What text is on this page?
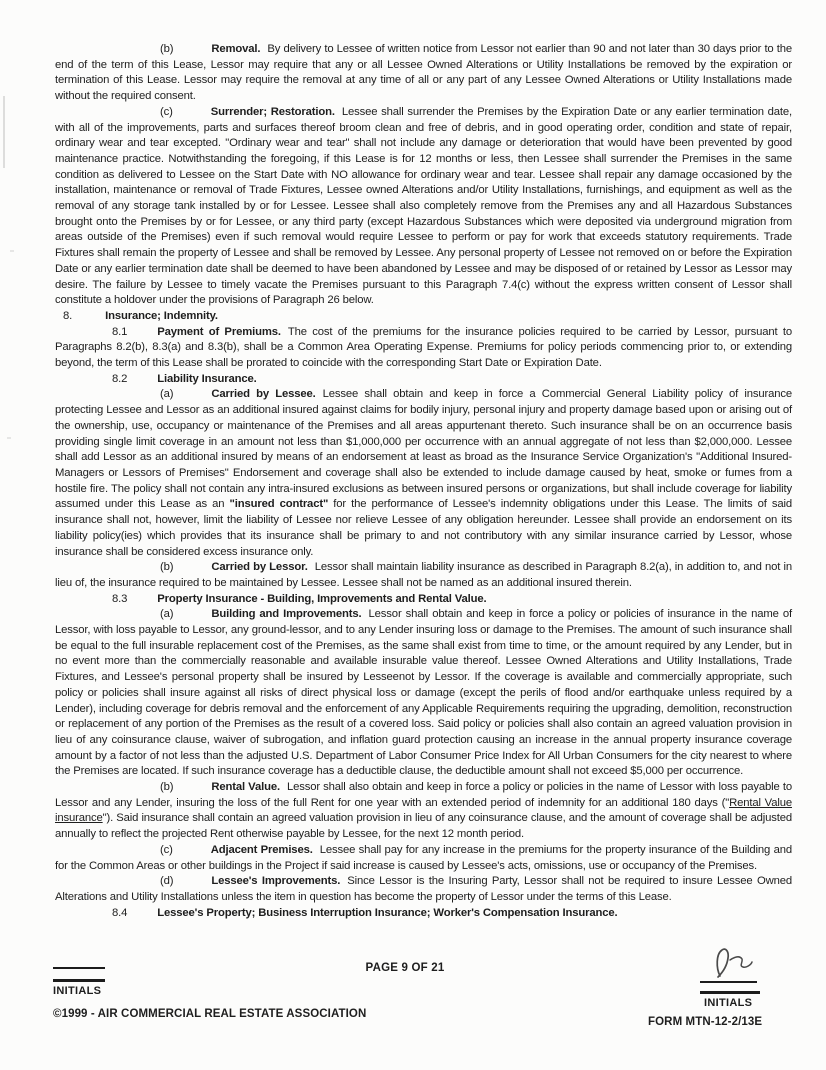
(b)	Removal. By delivery to Lessee of written notice from Lessor not earlier than 90 and not later than 30 days prior to the end of the term of this Lease, Lessor may require that any or all Lessee Owned Alterations or Utility Installations be removed by the expiration or termination of this Lease. Lessor may require the removal at any time of all or any part of any Lessee Owned Alterations or Utility Installations made without the required consent.

(c)	Surrender; Restoration. Lessee shall surrender the Premises by the Expiration Date or any earlier termination date, with all of the improvements, parts and surfaces thereof broom clean and free of debris, and in good operating order, condition and state of repair, ordinary wear and tear excepted. "Ordinary wear and tear" shall not include any damage or deterioration that would have been prevented by good maintenance practice. Notwithstanding the foregoing, if this Lease is for 12 months or less, then Lessee shall surrender the Premises in the same condition as delivered to Lessee on the Start Date with NO allowance for ordinary wear and tear. Lessee shall repair any damage occasioned by the installation, maintenance or removal of Trade Fixtures, Lessee owned Alterations and/or Utility Installations, furnishings, and equipment as well as the removal of any storage tank installed by or for Lessee. Lessee shall also completely remove from the Premises any and all Hazardous Substances brought onto the Premises by or for Lessee, or any third party (except Hazardous Substances which were deposited via underground migration from areas outside of the Premises) even if such removal would require Lessee to perform or pay for work that exceeds statutory requirements. Trade Fixtures shall remain the property of Lessee and shall be removed by Lessee. Any personal property of Lessee not removed on or before the Expiration Date or any earlier termination date shall be deemed to have been abandoned by Lessee and may be disposed of or retained by Lessor as Lessor may desire. The failure by Lessee to timely vacate the Premises pursuant to this Paragraph 7.4(c) without the express written consent of Lessor shall constitute a holdover under the provisions of Paragraph 26 below.

8.	Insurance; Indemnity.

8.1	Payment of Premiums. The cost of the premiums for the insurance policies required to be carried by Lessor, pursuant to Paragraphs 8.2(b), 8.3(a) and 8.3(b), shall be a Common Area Operating Expense. Premiums for policy periods commencing prior to, or extending beyond, the term of this Lease shall be prorated to coincide with the corresponding Start Date or Expiration Date.

8.2	Liability Insurance.

(a)	Carried by Lessee. Lessee shall obtain and keep in force a Commercial General Liability policy of insurance protecting Lessee and Lessor as an additional insured against claims for bodily injury, personal injury and property damage based upon or arising out of the ownership, use, occupancy or maintenance of the Premises and all areas appurtenant thereto. Such insurance shall be on an occurrence basis providing single limit coverage in an amount not less than $1,000,000 per occurrence with an annual aggregate of not less than $2,000,000. Lessee shall add Lessor as an additional insured by means of an endorsement at least as broad as the Insurance Service Organization's "Additional Insured-Managers or Lessors of Premises" Endorsement and coverage shall also be extended to include damage caused by heat, smoke or fumes from a hostile fire. The policy shall not contain any intra-insured exclusions as between insured persons or organizations, but shall include coverage for liability assumed under this Lease as an "insured contract" for the performance of Lessee's indemnity obligations under this Lease. The limits of said insurance shall not, however, limit the liability of Lessee nor relieve Lessee of any obligation hereunder. Lessee shall provide an endorsement on its liability policy(ies) which provides that its insurance shall be primary to and not contributory with any similar insurance carried by Lessor, whose insurance shall be considered excess insurance only.

(b)	Carried by Lessor. Lessor shall maintain liability insurance as described in Paragraph 8.2(a), in addition to, and not in lieu of, the insurance required to be maintained by Lessee. Lessee shall not be named as an additional insured therein.

8.3	Property Insurance - Building, Improvements and Rental Value.

(a)	Building and Improvements. Lessor shall obtain and keep in force a policy or policies of insurance in the name of Lessor, with loss payable to Lessor, any ground-lessor, and to any Lender insuring loss or damage to the Premises. The amount of such insurance shall be equal to the full insurable replacement cost of the Premises, as the same shall exist from time to time, or the amount required by any Lender, but in no event more than the commercially reasonable and available insurable value thereof. Lessee Owned Alterations and Utility Installations, Trade Fixtures, and Lessee's personal property shall be insured by Lesseenot by Lessor. If the coverage is available and commercially appropriate, such policy or policies shall insure against all risks of direct physical loss or damage (except the perils of flood and/or earthquake unless required by a Lender), including coverage for debris removal and the enforcement of any Applicable Requirements requiring the upgrading, demolition, reconstruction or replacement of any portion of the Premises as the result of a covered loss. Said policy or policies shall also contain an agreed valuation provision in lieu of any coinsurance clause, waiver of subrogation, and inflation guard protection causing an increase in the annual property insurance coverage amount by a factor of not less than the adjusted U.S. Department of Labor Consumer Price Index for All Urban Consumers for the city nearest to where the Premises are located. If such insurance coverage has a deductible clause, the deductible amount shall not exceed $5,000 per occurrence.

(b)	Rental Value. Lessor shall also obtain and keep in force a policy or policies in the name of Lessor with loss payable to Lessor and any Lender, insuring the loss of the full Rent for one year with an extended period of indemnity for an additional 180 days ("Rental Value insurance"). Said insurance shall contain an agreed valuation provision in lieu of any coinsurance clause, and the amount of coverage shall be adjusted annually to reflect the projected Rent otherwise payable by Lessee, for the next 12 month period.

(c)	Adjacent Premises. Lessee shall pay for any increase in the premiums for the property insurance of the Building and for the Common Areas or other buildings in the Project if said increase is caused by Lessee's acts, omissions, use or occupancy of the Premises.

(d)	Lessee's Improvements. Since Lessor is the Insuring Party, Lessor shall not be required to insure Lessee Owned Alterations and Utility Installations unless the item in question has become the property of Lessor under the terms of this Lease.

8.4	Lessee's Property; Business Interruption Insurance; Worker's Compensation Insurance.

PAGE 9 OF 21
INITIALS
INITIALS
©1999 - AIR COMMERCIAL REAL ESTATE ASSOCIATION
FORM MTN-12-2/13E
